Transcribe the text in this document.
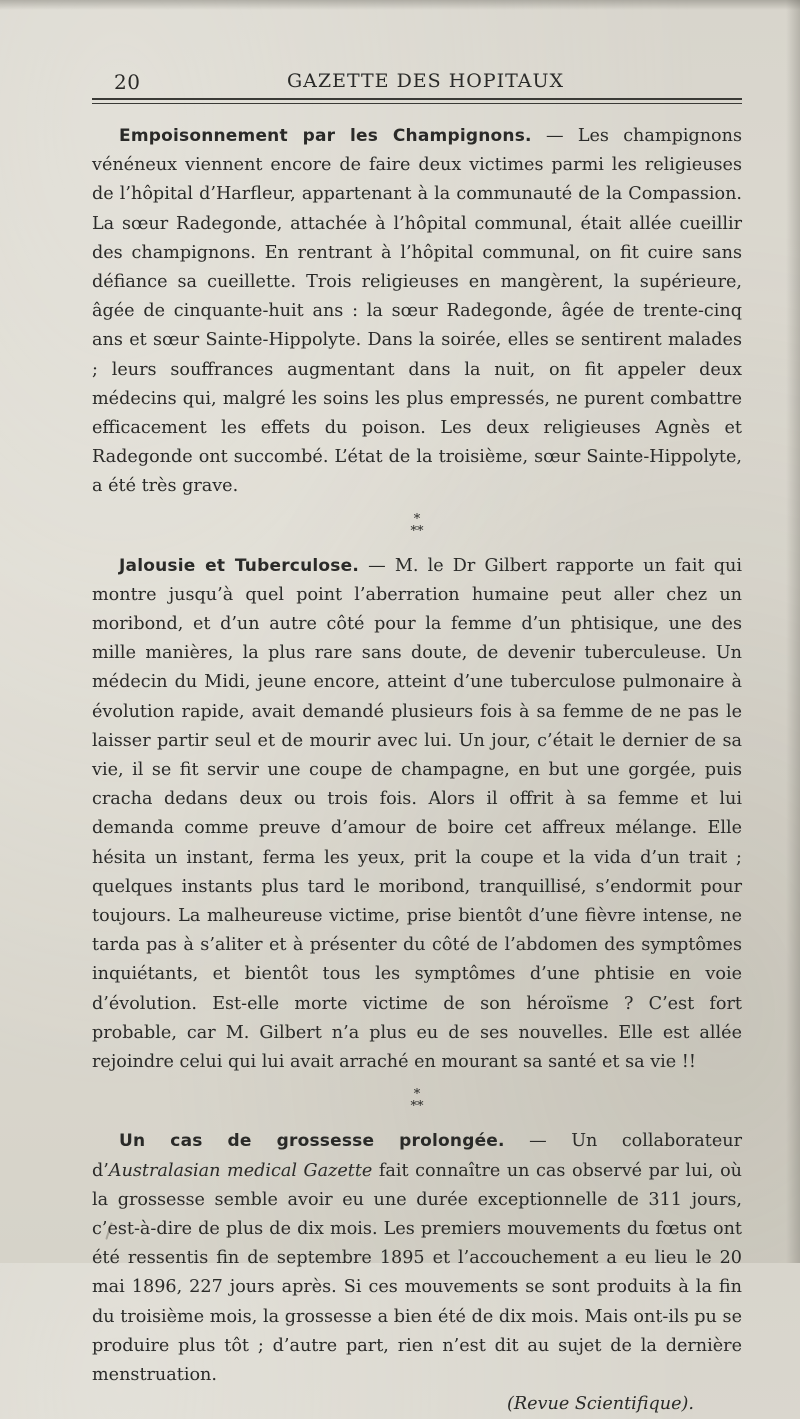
20	GAZETTE DES HOPITAUX

Empoisonnement par les Champignons. — Les champignons vénéneux viennent encore de faire deux victimes parmi les religieuses de l’hôpital d’Harfleur, appartenant à la communauté de la Compassion. La sœur Radegonde, attachée à l’hôpital communal, était allée cueillir des champignons. En rentrant à l’hôpital communal, on fit cuire sans défiance sa cueillette. Trois religieuses en mangèrent, la supérieure, âgée de cinquante-huit ans : la sœur Radegonde, âgée de trente-cinq ans et sœur Sainte-Hippolyte. Dans la soirée, elles se sentirent malades ; leurs souffrances augmentant dans la nuit, on fit appeler deux médecins qui, malgré les soins les plus empressés, ne purent combattre efficacement les effets du poison. Les deux religieuses Agnès et Radegonde ont succombé. L’état de la troisième, sœur Sainte-Hippolyte, a été très grave.

*
**

Jalousie et Tuberculose. — M. le Dr Gilbert rapporte un fait qui montre jusqu’à quel point l’aberration humaine peut aller chez un moribond, et d’un autre côté pour la femme d’un phtisique, une des mille manières, la plus rare sans doute, de devenir tuberculeuse. Un médecin du Midi, jeune encore, atteint d’une tuberculose pulmonaire à évolution rapide, avait demandé plusieurs fois à sa femme de ne pas le laisser partir seul et de mourir avec lui. Un jour, c’était le dernier de sa vie, il se fit servir une coupe de champagne, en but une gorgée, puis cracha dedans deux ou trois fois. Alors il offrit à sa femme et lui demanda comme preuve d’amour de boire cet affreux mélange. Elle hésita un instant, ferma les yeux, prit la coupe et la vida d’un trait ; quelques instants plus tard le moribond, tranquillisé, s’endormit pour toujours. La malheureuse victime, prise bientôt d’une fièvre intense, ne tarda pas à s’aliter et à présenter du côté de l’abdomen des symptômes inquiétants, et bientôt tous les symptômes d’une phtisie en voie d’évolution. Est-elle morte victime de son héroïsme ? C’est fort probable, car M. Gilbert n’a plus eu de ses nouvelles. Elle est allée rejoindre celui qui lui avait arraché en mourant sa santé et sa vie !!

*
**

Un cas de grossesse prolongée. — Un collaborateur d’Australasian medical Gazette fait connaître un cas observé par lui, où la grossesse semble avoir eu une durée exceptionnelle de 311 jours, c’est-à-dire de plus de dix mois. Les premiers mouvements du fœtus ont été ressentis fin de septembre 1895 et l’accouchement a eu lieu le 20 mai 1896, 227 jours après. Si ces mouvements se sont produits à la fin du troisième mois, la grossesse a bien été de dix mois. Mais ont-ils pu se produire plus tôt ; d’autre part, rien n’est dit au sujet de la dernière menstruation.

(Revue Scientifique).
